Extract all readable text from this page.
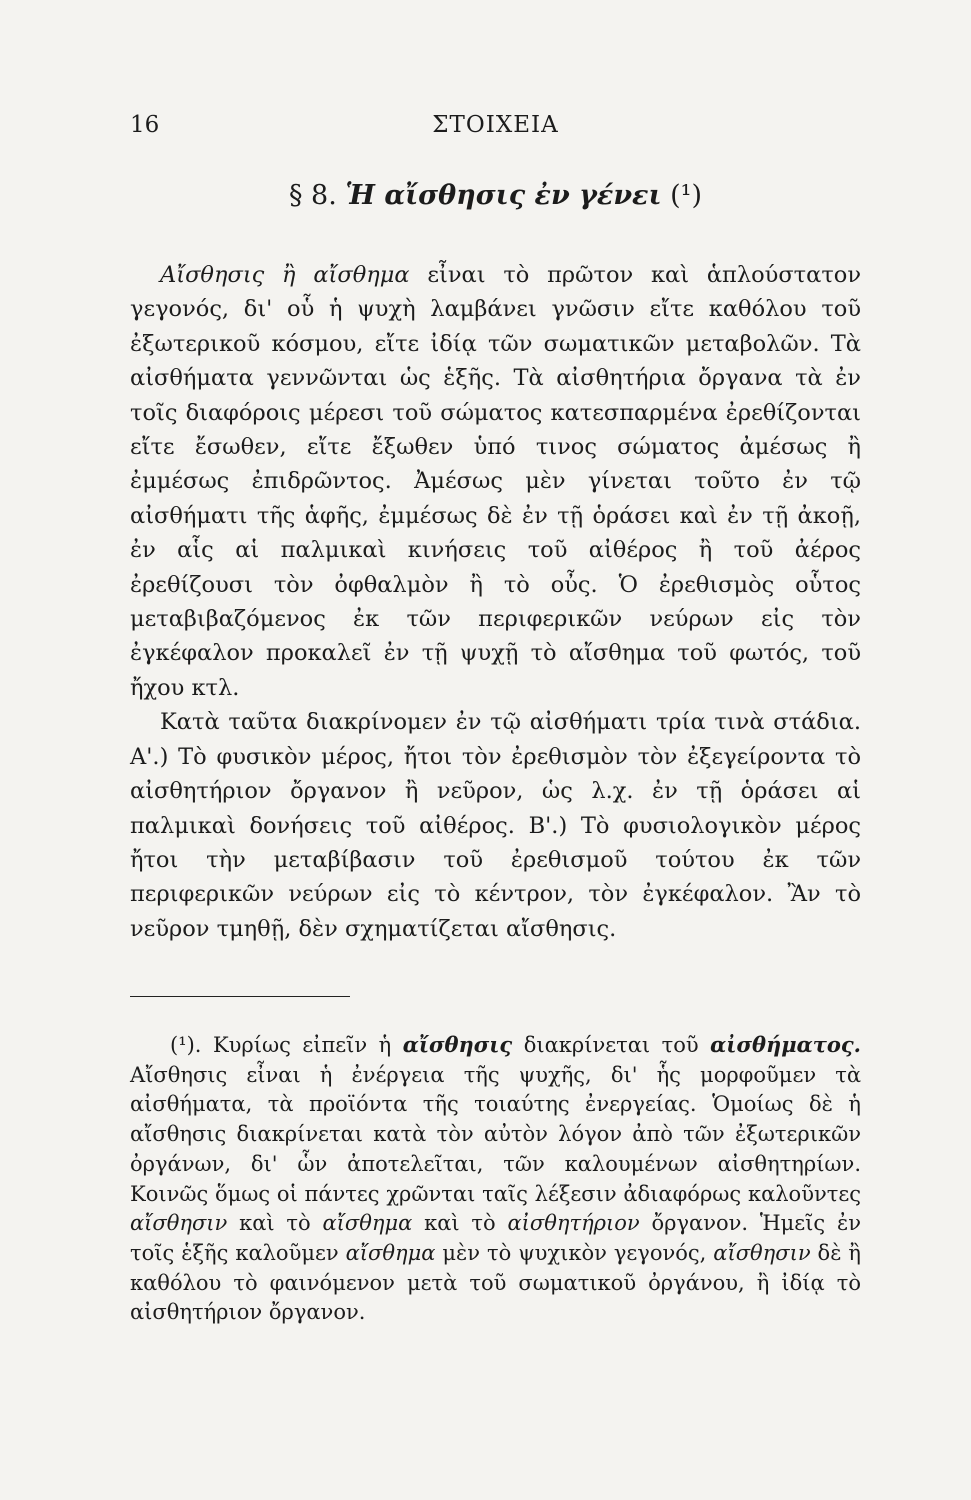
16	ΣΤΟΙΧΕΙΑ
§ 8. Ἡ αἴσθησις ἐν γένει (¹)

Αἴσθησις ἢ αἴσθημα εἶναι τὸ πρῶτον καὶ ἁπλούστατον γεγονός, δι' οὗ ἡ ψυχὴ λαμβάνει γνῶσιν εἴτε καθόλου τοῦ ἐξωτερικοῦ κόσμου, εἴτε ἰδίᾳ τῶν σωματικῶν μεταβολῶν. Τὰ αἰσθήματα γεννῶνται ὡς ἑξῆς. Τὰ αἰσθητήρια ὄργανα τὰ ἐν τοῖς διαφόροις μέρεσι τοῦ σώματος κατεσπαρμένα ἐρεθίζονται εἴτε ἔσωθεν, εἴτε ἔξωθεν ὑπό τινος σώματος ἀμέσως ἢ ἐμμέσως ἐπιδρῶντος. Ἀμέσως μὲν γίνεται τοῦτο ἐν τῷ αἰσθήματι τῆς ἁφῆς, ἐμμέσως δὲ ἐν τῇ ὁράσει καὶ ἐν τῇ ἀκοῇ, ἐν αἷς αἱ παλμικαὶ κινήσεις τοῦ αἰθέρος ἢ τοῦ ἀέρος ἐρεθίζουσι τὸν ὀφθαλμὸν ἢ τὸ οὖς. Ὁ ἐρεθισμὸς οὗτος μεταβιβαζόμενος ἐκ τῶν περιφερικῶν νεύρων εἰς τὸν ἐγκέφαλον προκαλεῖ ἐν τῇ ψυχῇ τὸ αἴσθημα τοῦ φωτός, τοῦ ἤχου κτλ.

Κατὰ ταῦτα διακρίνομεν ἐν τῷ αἰσθήματι τρία τινὰ στάδια. Α'.) Τὸ φυσικὸν μέρος, ἤτοι τὸν ἐρεθισμὸν τὸν ἐξεγείροντα τὸ αἰσθητήριον ὄργανον ἢ νεῦρον, ὡς λ.χ. ἐν τῇ ὁράσει αἱ παλμικαὶ δονήσεις τοῦ αἰθέρος. Β'.) Τὸ φυσιολογικὸν μέρος ἤτοι τὴν μεταβίβασιν τοῦ ἐρεθισμοῦ τούτου ἐκ τῶν περιφερικῶν νεύρων εἰς τὸ κέντρον, τὸν ἐγκέφαλον. Ἂν τὸ νεῦρον τμηθῇ, δὲν σχηματίζεται αἴσθησις.

(¹). Κυρίως εἰπεῖν ἡ αἴσθησις διακρίνεται τοῦ αἰσθήματος. Αἴσθησις εἶναι ἡ ἐνέργεια τῆς ψυχῆς, δι' ἧς μορφοῦμεν τὰ αἰσθήματα, τὰ προϊόντα τῆς τοιαύτης ἐνεργείας. Ὁμοίως δὲ ἡ αἴσθησις διακρίνεται κατὰ τὸν αὐτὸν λόγον ἀπὸ τῶν ἐξωτερικῶν ὀργάνων, δι' ὧν ἀποτελεῖται, τῶν καλουμένων αἰσθητηρίων. Κοινῶς ὅμως οἱ πάντες χρῶνται ταῖς λέξεσιν ἀδιαφόρως καλοῦντες αἴσθησιν καὶ τὸ αἴσθημα καὶ τὸ αἰσθητήριον ὄργανον. Ἡμεῖς ἐν τοῖς ἑξῆς καλοῦμεν αἴσθημα μὲν τὸ ψυχικὸν γεγονός, αἴσθησιν δὲ ἢ καθόλου τὸ φαινόμενον μετὰ τοῦ σωματικοῦ ὀργάνου, ἢ ἰδίᾳ τὸ αἰσθητήριον ὄργανον.
